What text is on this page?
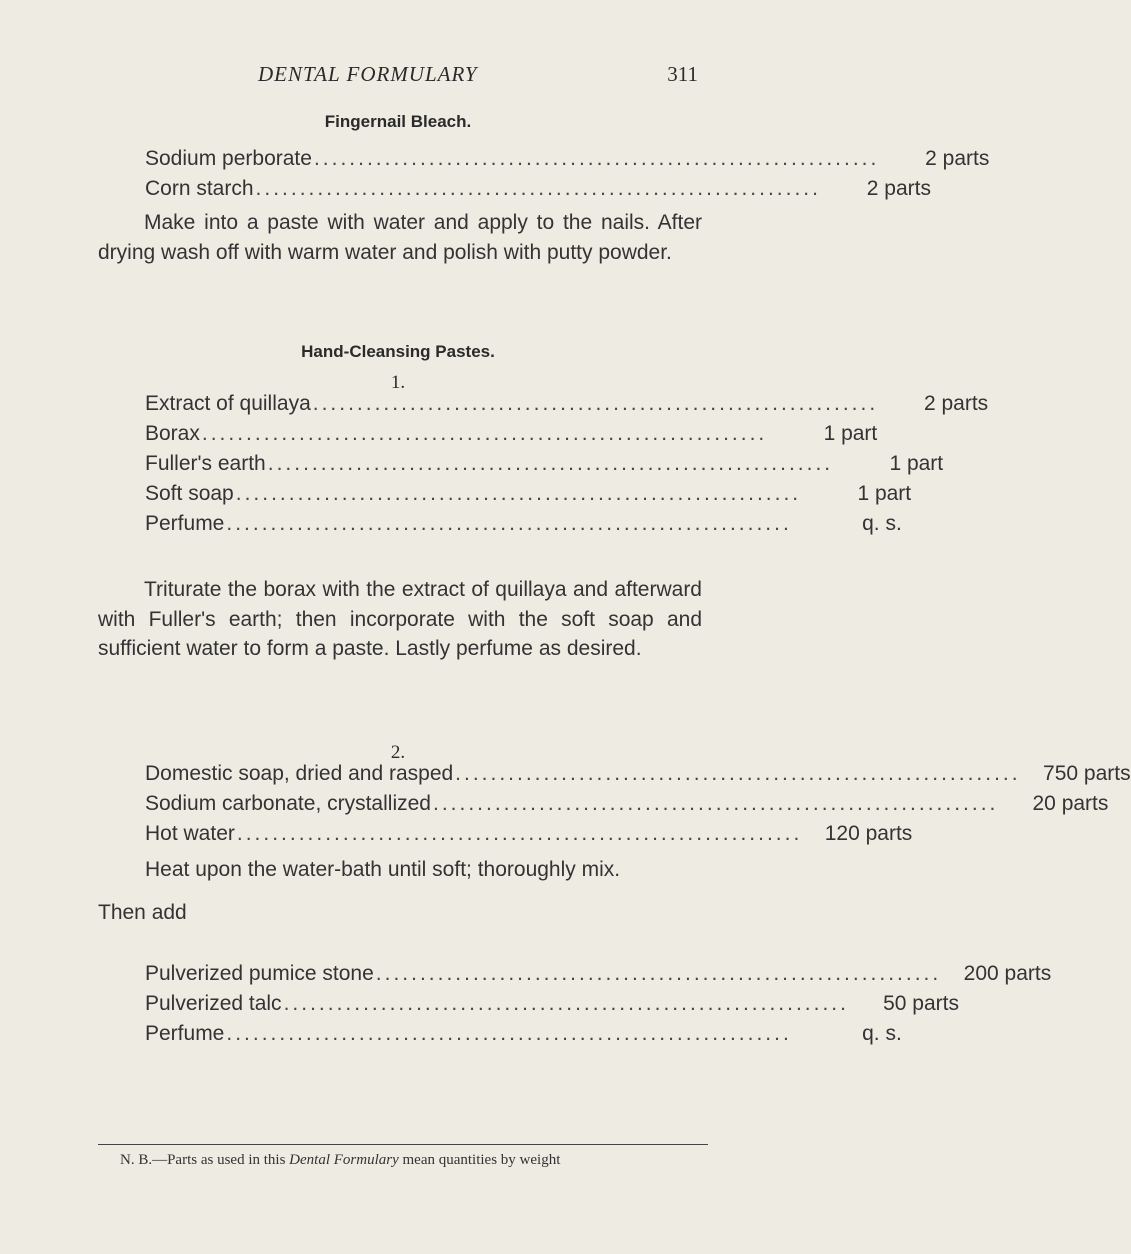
DENTAL FORMULARY	311
Fingernail Bleach.
Sodium perborate ................................................................	2 parts
Corn starch ................................................................	2 parts
Make into a paste with water and apply to the nails. After drying wash off with warm water and polish with putty powder.
Hand-Cleansing Pastes.
1.
Extract of quillaya ................................................................	2 parts
Borax ................................................................	1 part
Fuller's earth ................................................................	1 part
Soft soap ................................................................	1 part
Perfume ................................................................	q. s.
Triturate the borax with the extract of quillaya and afterward with Fuller's earth; then incorporate with the soft soap and sufficient water to form a paste. Lastly perfume as desired.
2.
Domestic soap, dried and rasped ................................................................	750 parts
Sodium carbonate, crystallized ................................................................	20 parts
Hot water ................................................................	120 parts
Heat upon the water-bath until soft; thoroughly mix.
Then add
Pulverized pumice stone ................................................................	200 parts
Pulverized talc ................................................................	50 parts
Perfume ................................................................	q. s.
N. B.—Parts as used in this Dental Formulary mean quantities by weight
